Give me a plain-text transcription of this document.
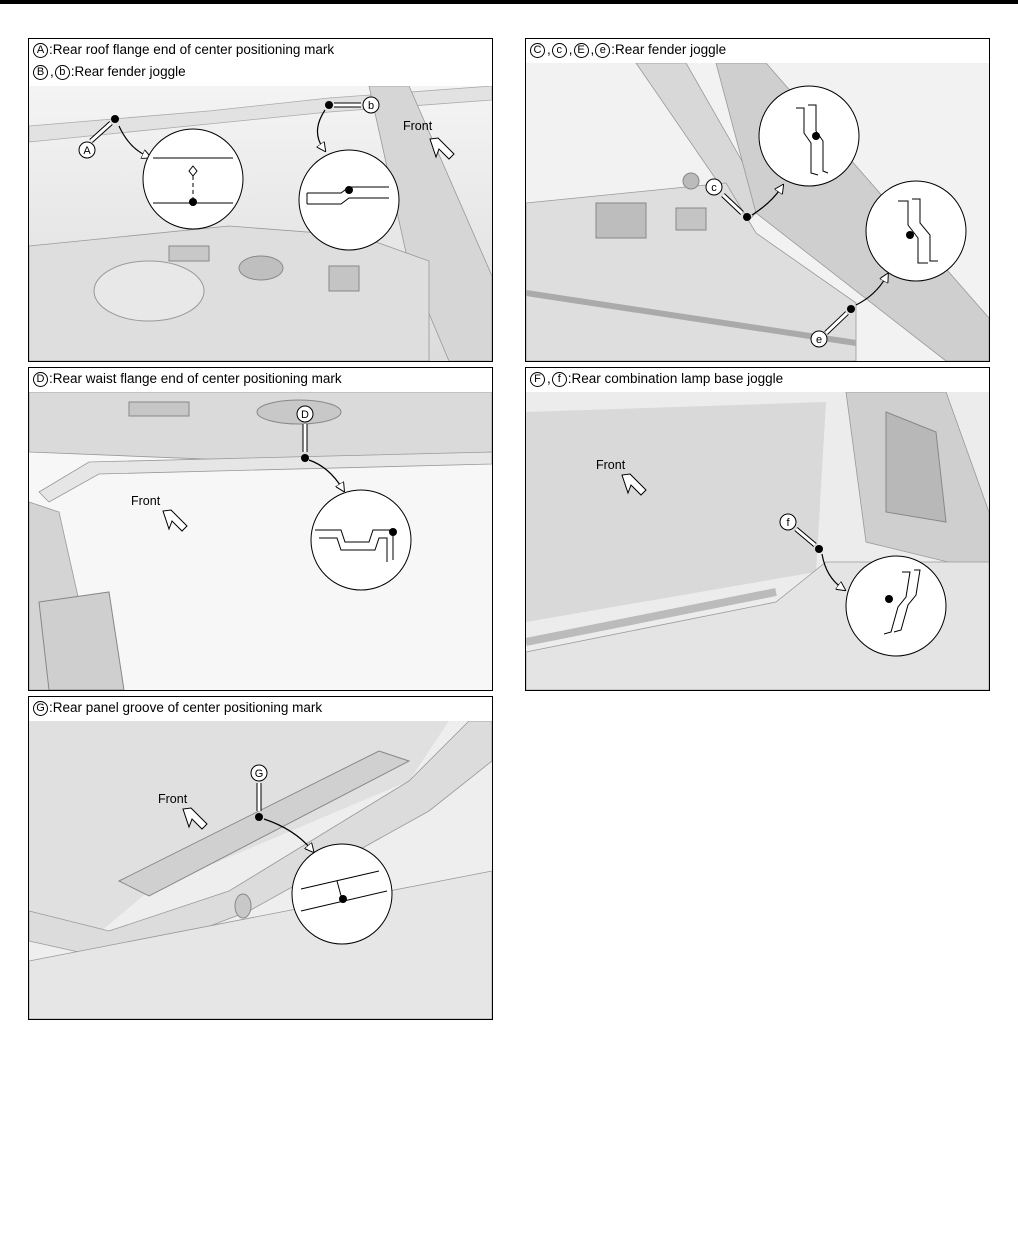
A :Rear roof flange end of center positioning mark
B , b :Rear fender joggle
A
b
Front
C , c , E , e :Rear fender joggle
c
e
D :Rear waist flange end of center positioning mark
D
Front
F , f :Rear combination lamp base joggle
f
Front
G :Rear panel groove of center positioning mark
G
Front
